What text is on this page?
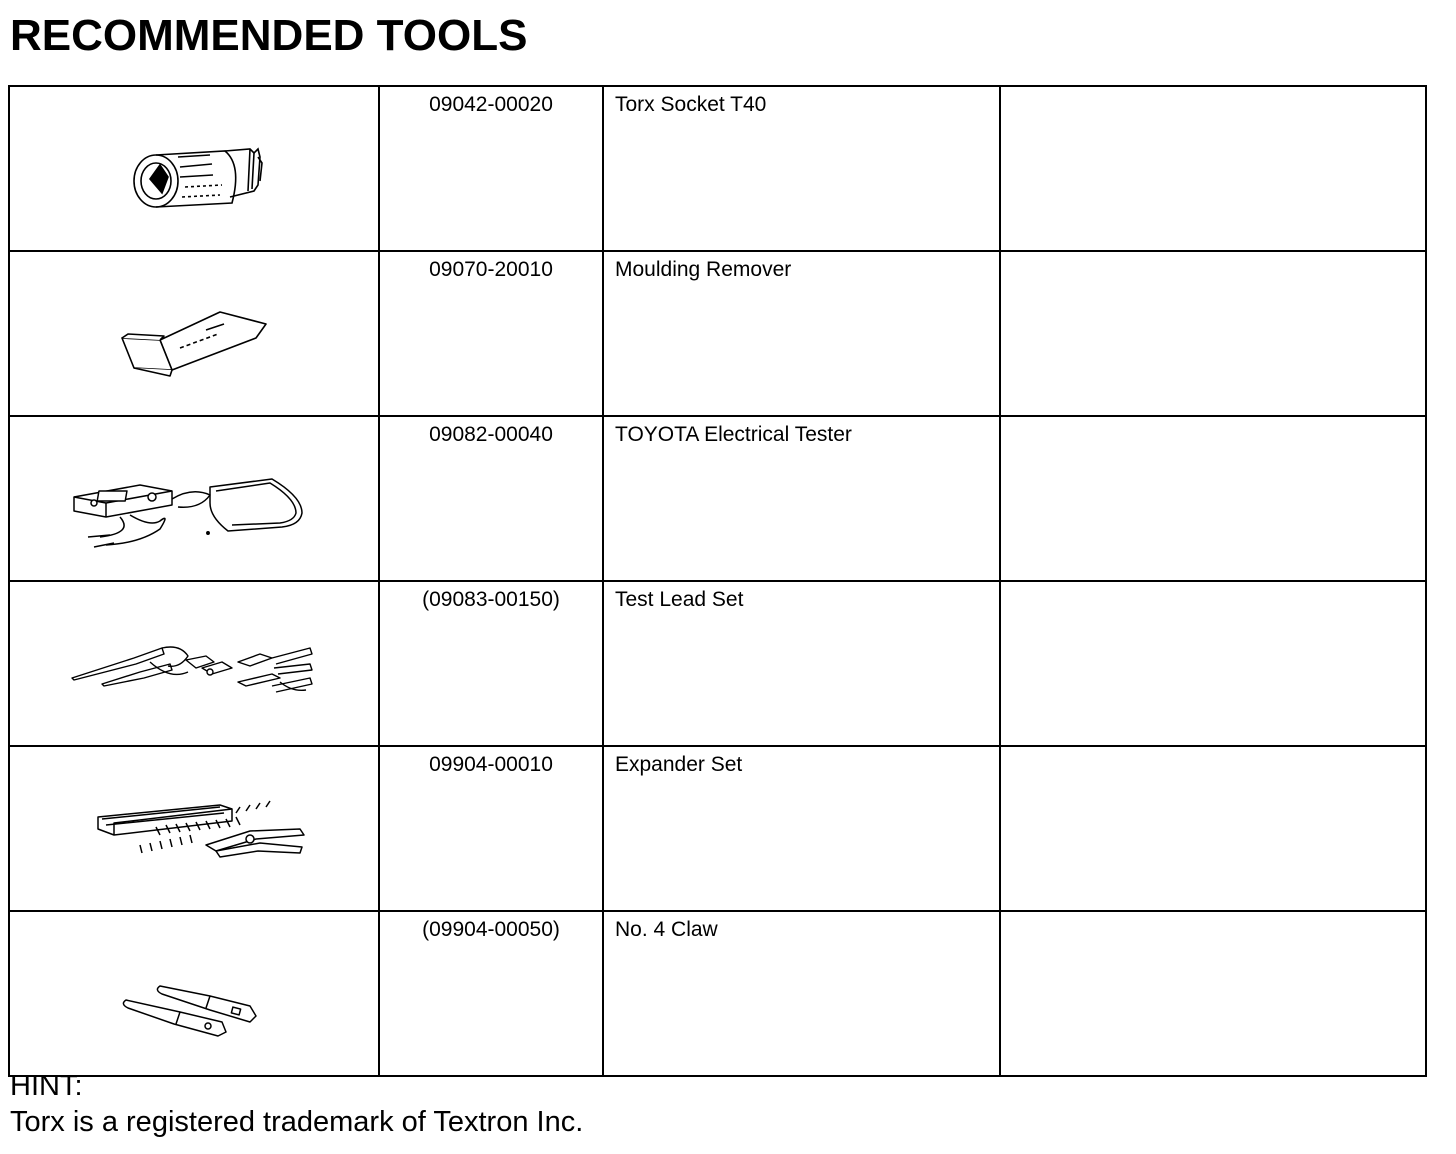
RECOMMENDED TOOLS
	09042-00020	Torx Socket T40	

	09070-20010	Moulding Remover	

	09082-00040	TOYOTA Electrical Tester	

	(09083-00150)	Test Lead Set	

	09904-00010	Expander Set	

	(09904-00050)	No. 4 Claw	
HINT:
Torx is a registered trademark of Textron Inc.
